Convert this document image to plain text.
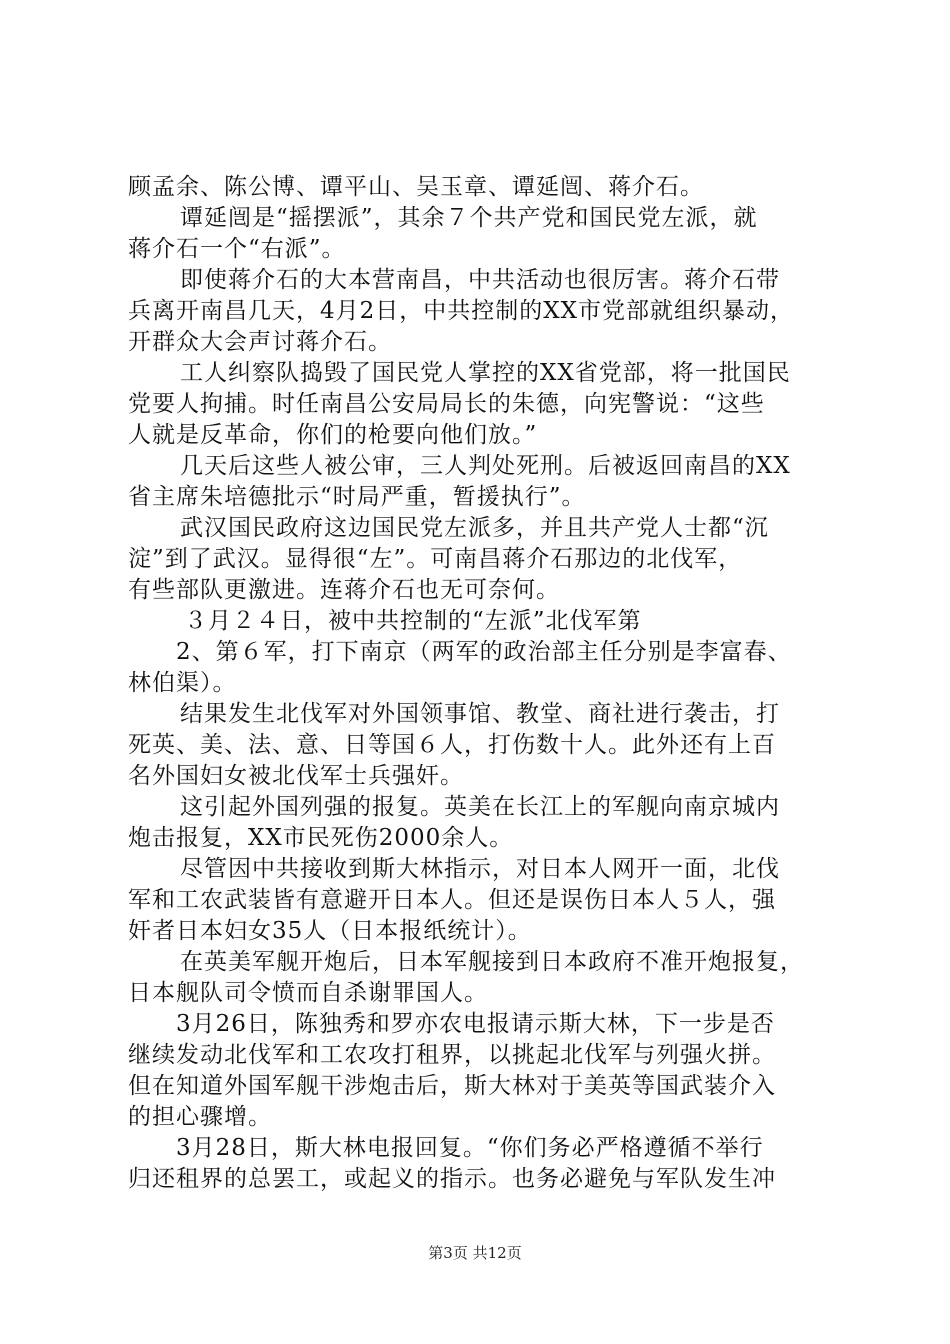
顾孟余、陈公博、谭平山、吴玉章、谭延闿、蒋介石。
谭延闿是“摇摆派”，其余７个共产党和国民党左派，就
蒋介石一个“右派”。
即使蒋介石的大本营南昌，中共活动也很厉害。蒋介石带
兵离开南昌几天，4月2日，中共控制的XX市党部就组织暴动，
开群众大会声讨蒋介石。
工人纠察队捣毁了国民党人掌控的XX省党部，将一批国民
党要人拘捕。时任南昌公安局局长的朱德，向宪警说：“这些
人就是反革命，你们的枪要向他们放。”
几天后这些人被公审，三人判处死刑。后被返回南昌的XX
省主席朱培德批示“时局严重，暂援执行”。
武汉国民政府这边国民党左派多，并且共产党人士都“沉
淀”到了武汉。显得很“左”。可南昌蒋介石那边的北伐军，
有些部队更激进。连蒋介石也无可奈何。
３月２４日，被中共控制的“左派”北伐军第
2、第６军，打下南京（两军的政治部主任分别是李富春、
林伯渠）。
结果发生北伐军对外国领事馆、教堂、商社进行袭击，打
死英、美、法、意、日等国６人，打伤数十人。此外还有上百
名外国妇女被北伐军士兵强奸。
这引起外国列强的报复。英美在长江上的军舰向南京城内
炮击报复，XX市民死伤2000余人。
尽管因中共接收到斯大林指示，对日本人网开一面，北伐
军和工农武装皆有意避开日本人。但还是误伤日本人５人，强
奸者日本妇女35人（日本报纸统计）。
在英美军舰开炮后，日本军舰接到日本政府不准开炮报复，
日本舰队司令愤而自杀谢罪国人。
3月26日，陈独秀和罗亦农电报请示斯大林，下一步是否
继续发动北伐军和工农攻打租界，以挑起北伐军与列强火拼。
但在知道外国军舰干涉炮击后，斯大林对于美英等国武装介入
的担心骤增。
3月28日，斯大林电报回复。“你们务必严格遵循不举行
归还租界的总罢工，或起义的指示。也务必避免与军队发生冲
第3页 共12页
